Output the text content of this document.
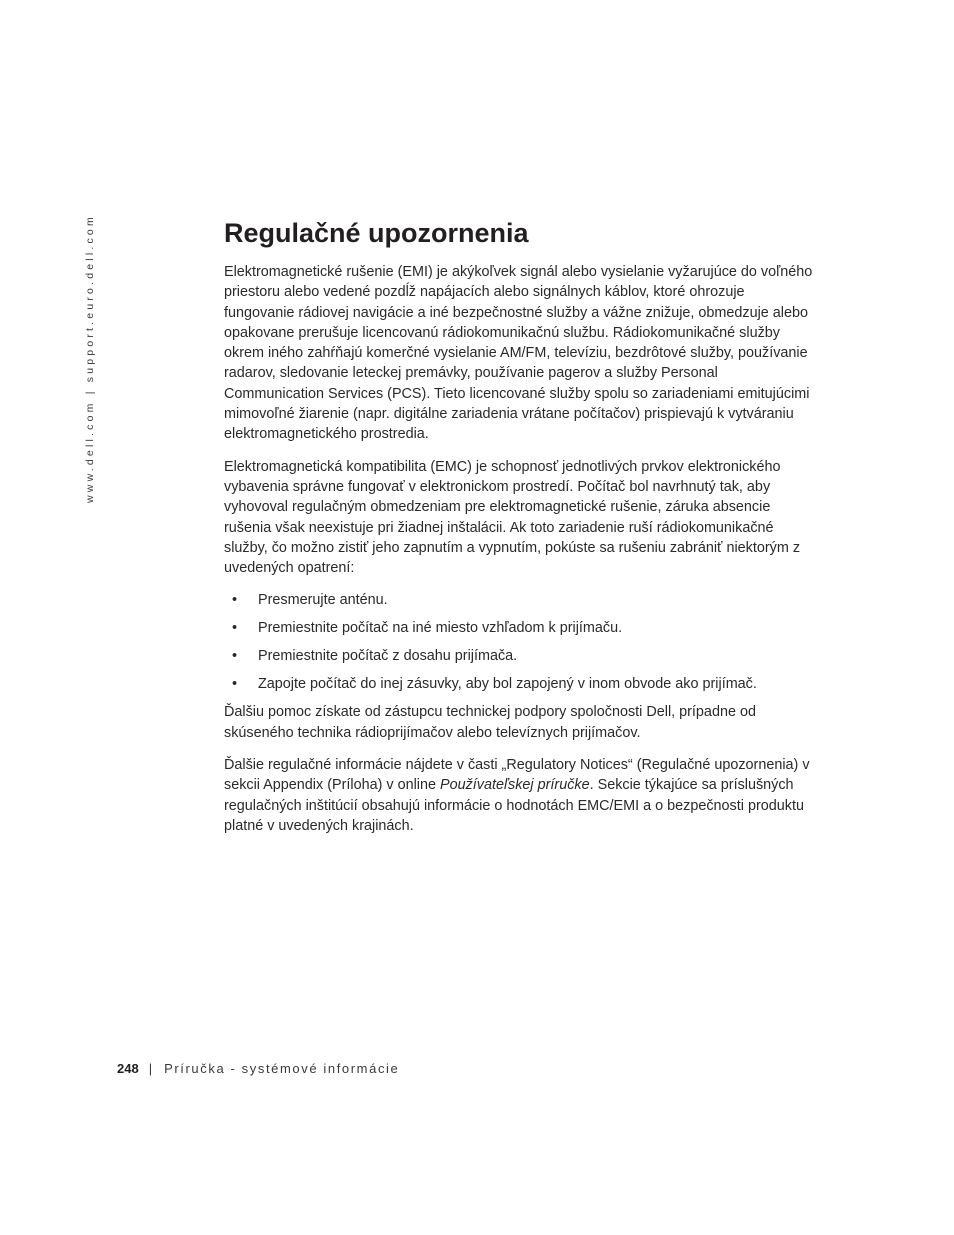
www.dell.com | support.euro.dell.com	Regulačné upozornenia

Elektromagnetické rušenie (EMI) je akýkoľvek signál alebo vysielanie vyžarujúce do voľného priestoru alebo vedené pozdĺž napájacích alebo signálnych káblov, ktoré ohrozuje fungovanie rádiovej navigácie a iné bezpečnostné služby a vážne znižuje, obmedzuje alebo opakovane prerušuje licencovanú rádiokomunikačnú službu. Rádiokomunikačné služby okrem iného zahŕňajú komerčné vysielanie AM/FM, televíziu, bezdrôtové služby, používanie radarov, sledovanie leteckej premávky, používanie pagerov a služby Personal Communication Services (PCS). Tieto licencované služby spolu so zariadeniami emitujúcimi mimovoľné žiarenie (napr. digitálne zariadenia vrátane počítačov) prispievajú k vytváraniu elektromagnetického prostredia.

Elektromagnetická kompatibilita (EMC) je schopnosť jednotlivých prvkov elektronického vybavenia správne fungovať v elektronickom prostredí. Počítač bol navrhnutý tak, aby vyhovoval regulačným obmedzeniam pre elektromagnetické rušenie, záruka absencie rušenia však neexistuje pri žiadnej inštalácii. Ak toto zariadenie ruší rádiokomunikačné služby, čo možno zistiť jeho zapnutím a vypnutím, pokúste sa rušeniu zabrániť niektorým z uvedených opatrení:

• Presmerujte anténu.
• Premiestnite počítač na iné miesto vzhľadom k prijímaču.
• Premiestnite počítač z dosahu prijímača.
• Zapojte počítač do inej zásuvky, aby bol zapojený v inom obvode ako prijímač.

Ďalšiu pomoc získate od zástupcu technickej podpory spoločnosti Dell, prípadne od skúseného technika rádioprijímačov alebo televíznych prijímačov.

Ďalšie regulačné informácie nájdete v časti „Regulatory Notices“ (Regulačné upozornenia) v sekcii Appendix (Príloha) v online Používateľskej príručke. Sekcie týkajúce sa príslušných regulačných inštitúcií obsahujú informácie o hodnotách EMC/EMI a o bezpečnosti produktu platné v uvedených krajinách.

248 | Príručka - systémové informácie
